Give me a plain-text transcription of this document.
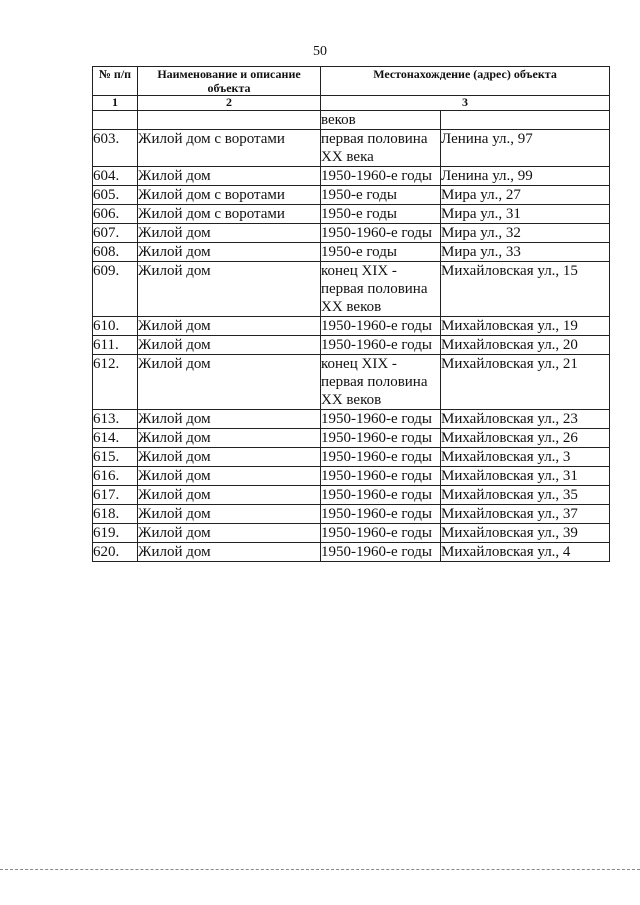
50
№ п/п	Наименование и описание объекта	Местонахождение (адрес) объекта	
1	2	3	
		веков	
603.	Жилой дом с воротами	первая половина XX века	Ленина ул., 97
604.	Жилой дом	1950-1960-е годы	Ленина ул., 99
605.	Жилой дом с воротами	1950-е годы	Мира ул., 27
606.	Жилой дом с воротами	1950-е годы	Мира ул., 31
607.	Жилой дом	1950-1960-е годы	Мира ул., 32
608.	Жилой дом	1950-е годы	Мира ул., 33
609.	Жилой дом	конец XIX - первая половина XX веков	Михайловская ул., 15
610.	Жилой дом	1950-1960-е годы	Михайловская ул., 19
611.	Жилой дом	1950-1960-е годы	Михайловская ул., 20
612.	Жилой дом	конец XIX - первая половина XX веков	Михайловская ул., 21
613.	Жилой дом	1950-1960-е годы	Михайловская ул., 23
614.	Жилой дом	1950-1960-е годы	Михайловская ул., 26
615.	Жилой дом	1950-1960-е годы	Михайловская ул., 3
616.	Жилой дом	1950-1960-е годы	Михайловская ул., 31
617.	Жилой дом	1950-1960-е годы	Михайловская ул., 35
618.	Жилой дом	1950-1960-е годы	Михайловская ул., 37
619.	Жилой дом	1950-1960-е годы	Михайловская ул., 39
620.	Жилой дом	1950-1960-е годы	Михайловская ул., 4
